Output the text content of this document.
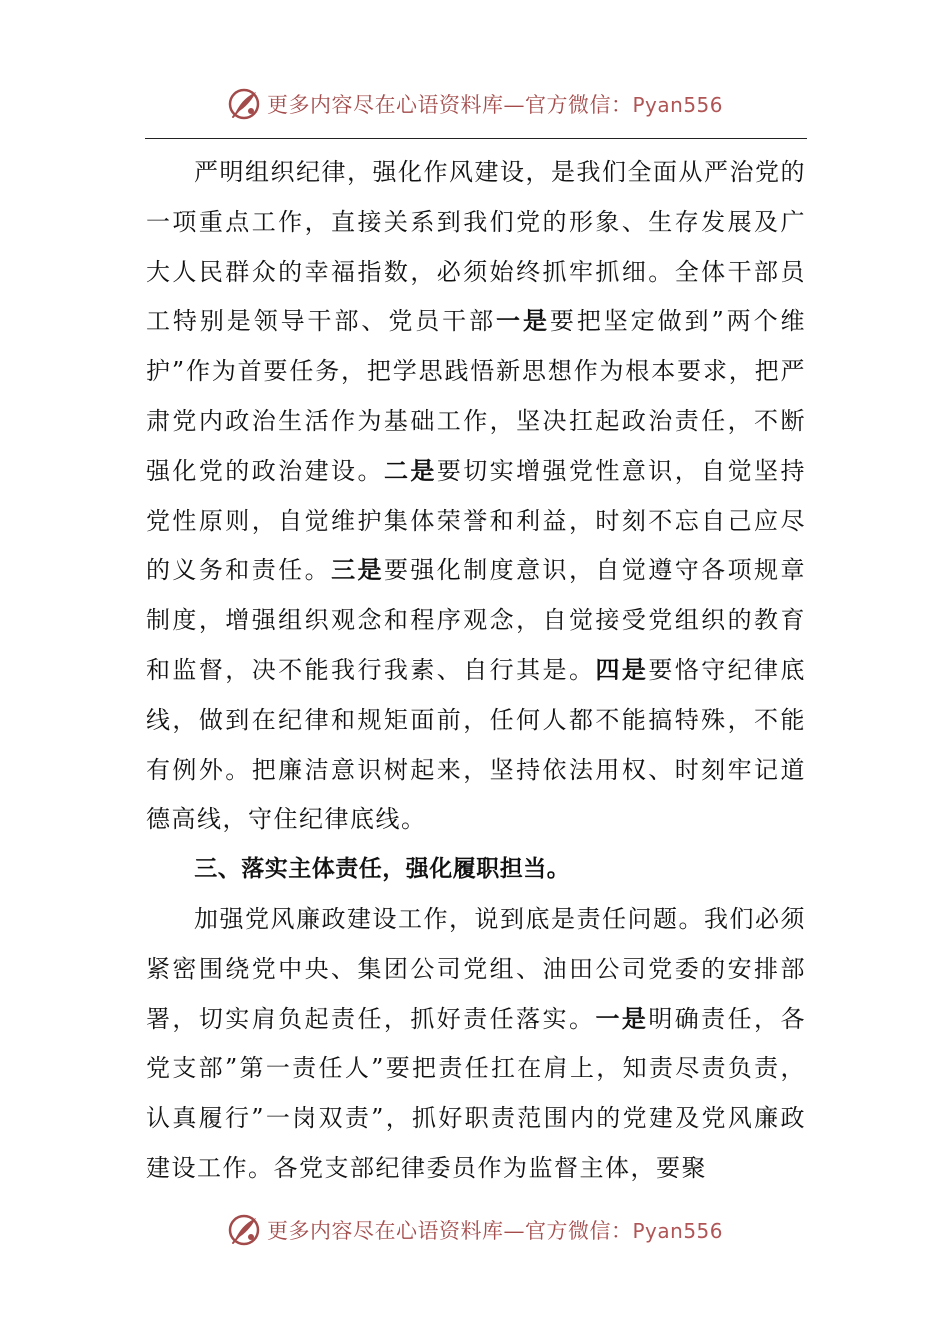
更多内容尽在心语资料库—官方微信：Pyan556

严明组织纪律，强化作风建设，是我们全面从严治党的一项重点工作，直接关系到我们党的形象、生存发展及广大人民群众的幸福指数，必须始终抓牢抓细。全体干部员工特别是领导干部、党员干部一是要把坚定做到”两个维护”作为首要任务，把学思践悟新思想作为根本要求，把严肃党内政治生活作为基础工作，坚决扛起政治责任，不断强化党的政治建设。二是要切实增强党性意识，自觉坚持党性原则，自觉维护集体荣誉和利益，时刻不忘自己应尽的义务和责任。三是要强化制度意识，自觉遵守各项规章制度，增强组织观念和程序观念，自觉接受党组织的教育和监督，决不能我行我素、自行其是。四是要恪守纪律底线，做到在纪律和规矩面前，任何人都不能搞特殊，不能有例外。把廉洁意识树起来，坚持依法用权、时刻牢记道德高线，守住纪律底线。

三、落实主体责任，强化履职担当。

加强党风廉政建设工作，说到底是责任问题。我们必须紧密围绕党中央、集团公司党组、油田公司党委的安排部署，切实肩负起责任，抓好责任落实。一是明确责任，各党支部”第一责任人”要把责任扛在肩上，知责尽责负责，认真履行”一岗双责”，抓好职责范围内的党建及党风廉政建设工作。各党支部纪律委员作为监督主体，要聚

更多内容尽在心语资料库—官方微信：Pyan556
